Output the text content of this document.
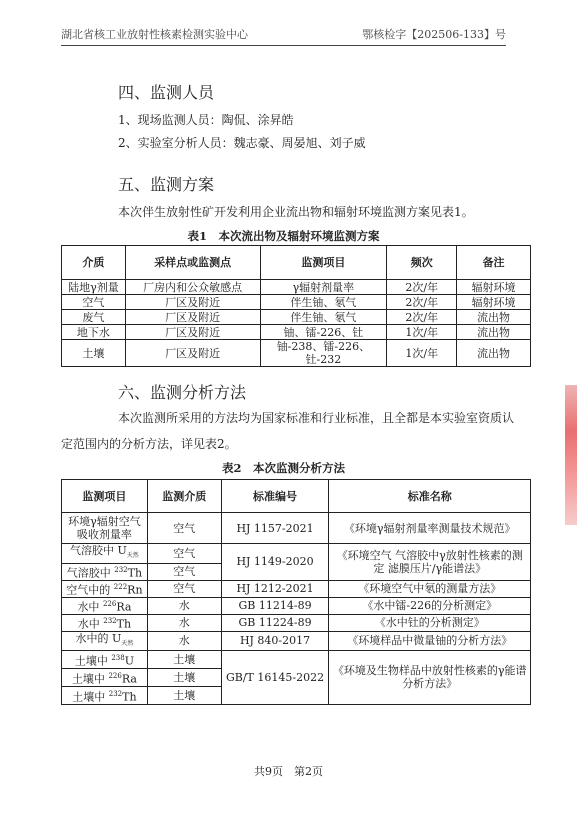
湖北省核工业放射性核素检测实验中心	鄂核检字【202506-133】号
四、监测人员
1、现场监测人员：陶侃、涂昇皓
2、实验室分析人员：魏志豪、周晏旭、刘子威
五、监测方案
本次伴生放射性矿开发利用企业流出物和辐射环境监测方案见表1。
表1　本次流出物及辐射环境监测方案
介质	采样点或监测点	监测项目	频次	备注
陆地γ剂量	厂房内和公众敏感点	γ辐射剂量率	2次/年	辐射环境
空气	厂区及附近	伴生铀、氡气	2次/年	辐射环境
废气	厂区及附近	伴生铀、氡气	2次/年	流出物
地下水	厂区及附近	铀、镭-226、钍	1次/年	流出物
土壤	厂区及附近	铀-238、镭-226、钍-232	1次/年	流出物
六、监测分析方法
本次监测所采用的方法均为国家标准和行业标准，且全都是本实验室资质认
定范围内的分析方法，详见表2。
表2　本次监测分析方法
监测项目	监测介质	标准编号	标准名称
环境γ辐射空气吸收剂量率	空气	HJ 1157-2021	《环境γ辐射剂量率测量技术规范》
气溶胶中 $U_{天然}$	空气	HJ 1149-2020	《环境空气 气溶胶中γ放射性核素的测定 滤膜压片/γ能谱法》
气溶胶中 $^{232}$Th	空气		
空气中的 $^{222}$Rn	空气	HJ 1212-2021	《环境空气中氡的测量方法》
水中 $^{226}$Ra	水	GB 11214-89	《水中镭-226的分析测定》
水中 $^{232}$Th	水	GB 11224-89	《水中钍的分析测定》
水中的 $U_{天然}$	水	HJ 840-2017	《环境样品中微量铀的分析方法》
土壤中 $^{238}$U	土壤	GB/T 16145-2022	《环境及生物样品中放射性核素的γ能谱分析方法》
土壤中 $^{226}$Ra	土壤		
土壤中 $^{232}$Th	土壤		
共9页　第2页
